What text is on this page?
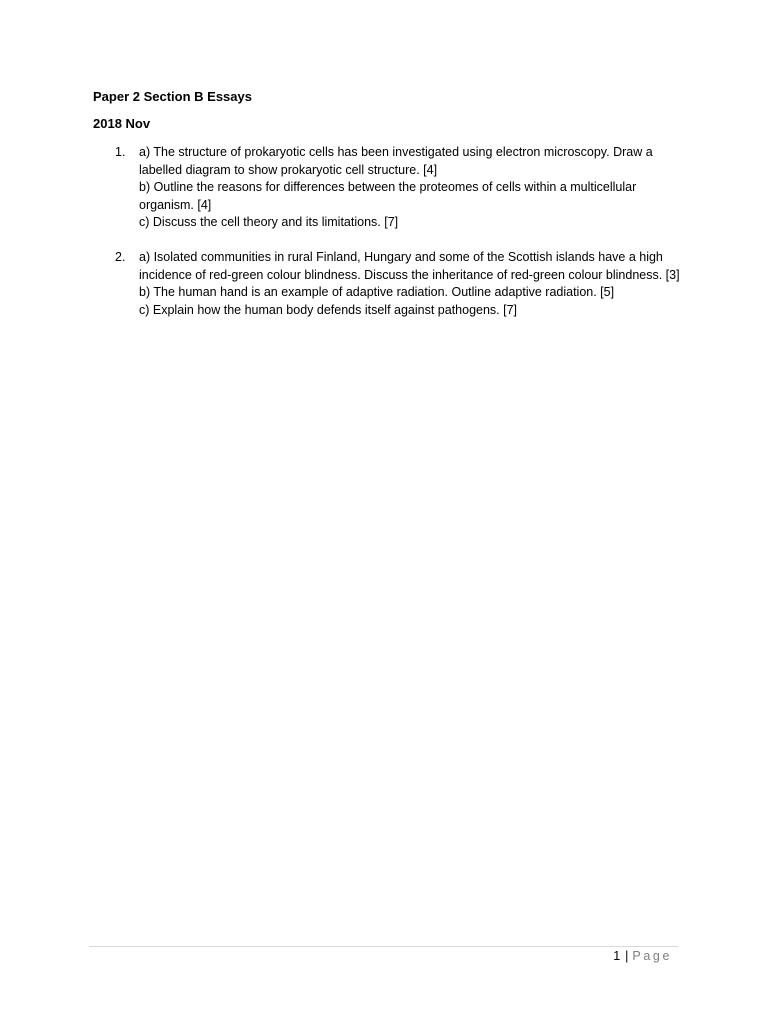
Paper 2 Section B Essays
2018 Nov
1. a) The structure of prokaryotic cells has been investigated using electron microscopy. Draw a labelled diagram to show prokaryotic cell structure. [4]
b) Outline the reasons for differences between the proteomes of cells within a multicellular organism. [4]
c) Discuss the cell theory and its limitations. [7]
2. a) Isolated communities in rural Finland, Hungary and some of the Scottish islands have a high incidence of red-green colour blindness. Discuss the inheritance of red-green colour blindness. [3]
b) The human hand is an example of adaptive radiation. Outline adaptive radiation. [5]
c) Explain how the human body defends itself against pathogens. [7]
1 | Page
